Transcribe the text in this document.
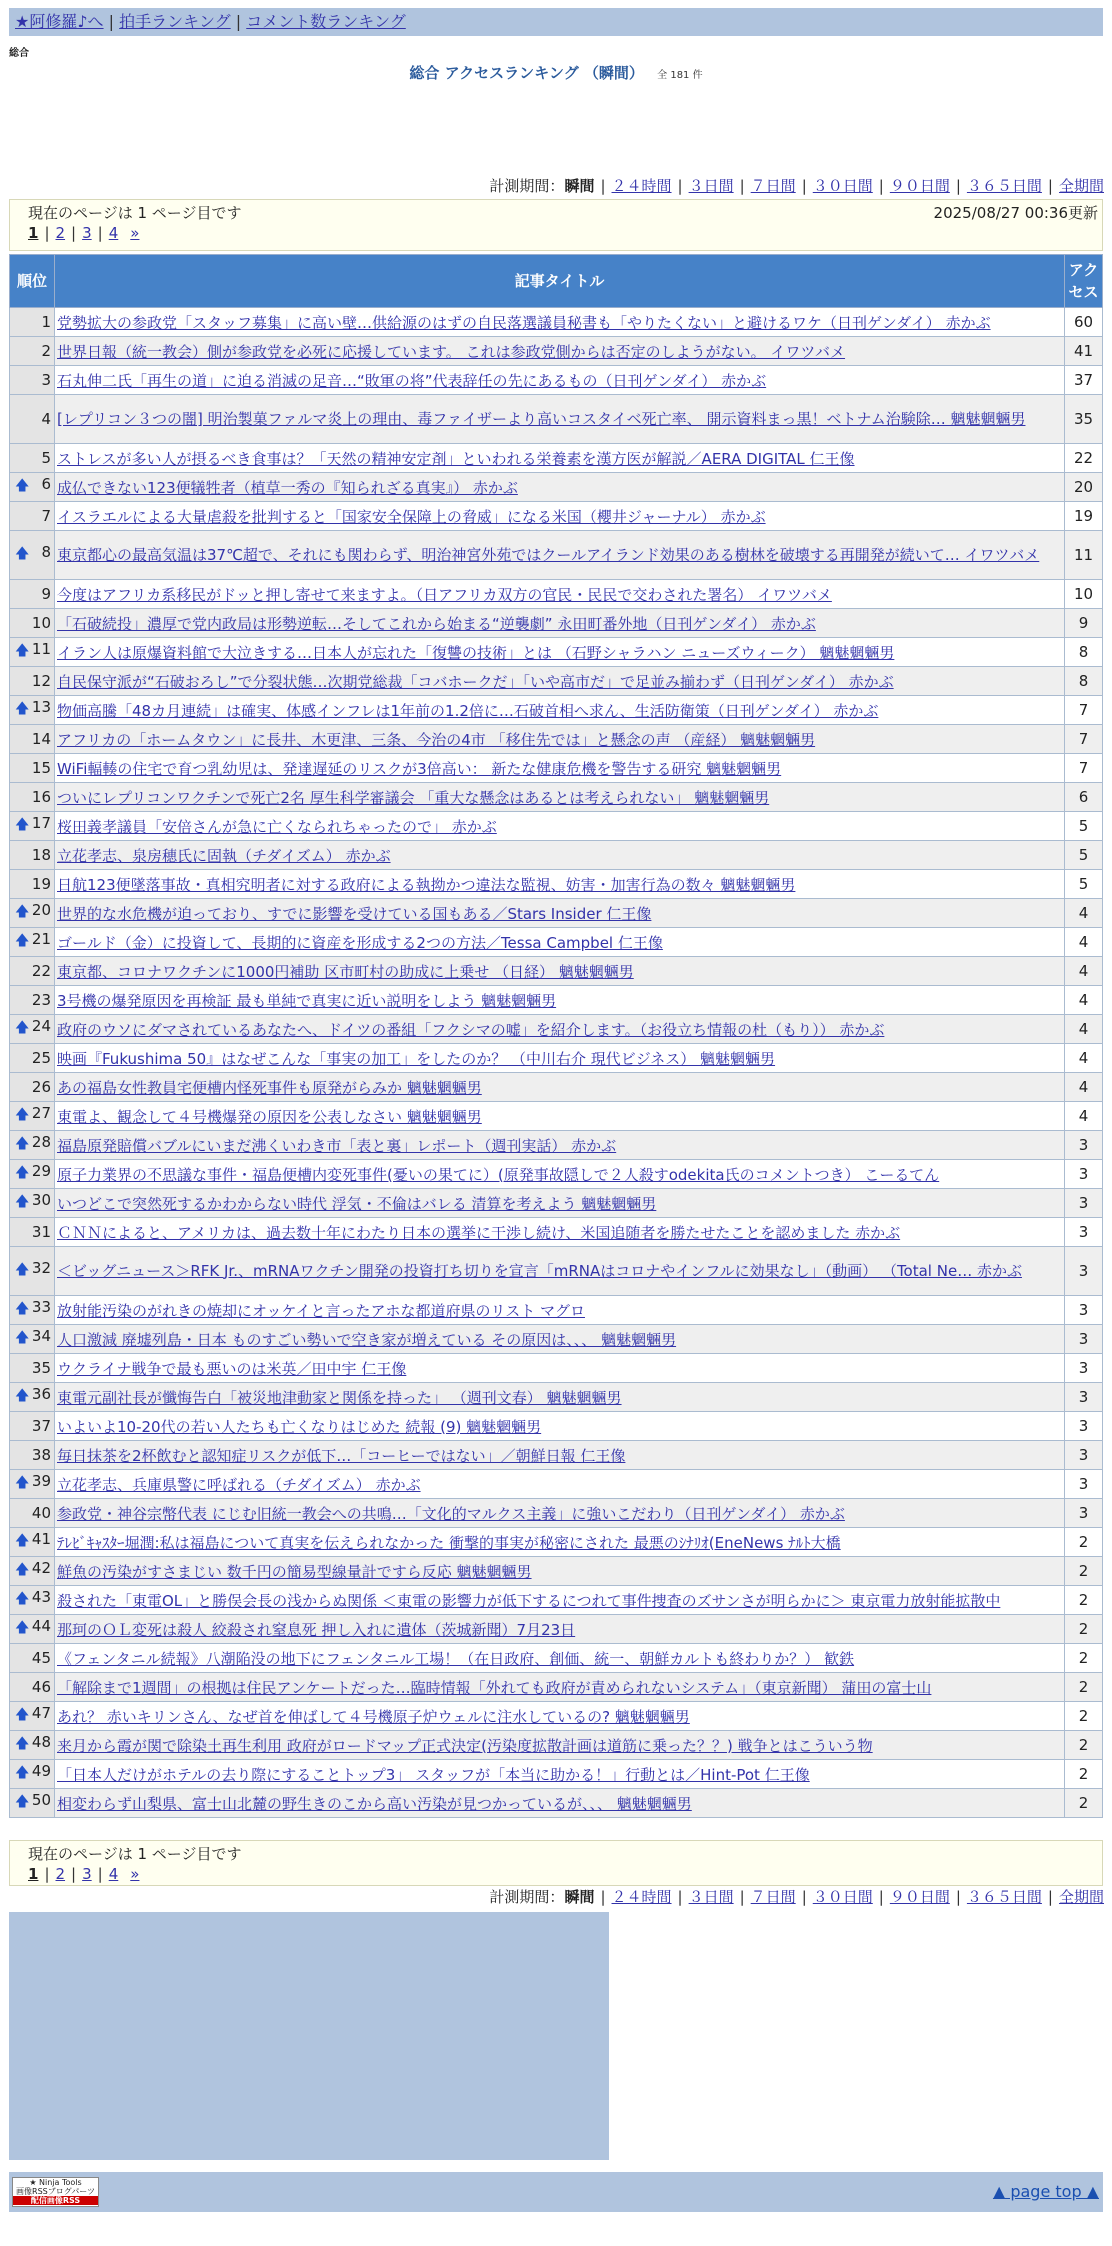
★阿修羅♪へ | 拍手ランキング | コメント数ランキング
総合
総合 アクセスランキング （瞬間） 全 181 件
計測期間：瞬間 | ２４時間 | ３日間 | ７日間 | ３０日間 | ９０日間 | ３６５日間 | 全期間
現在のページは 1 ページ目です	2025/08/27 00:36更新
1 | 2 | 3 | 4 »
順位	記事タイトル	アクセス
1	党勢拡大の参政党「スタッフ募集」に高い壁…供給源のはずの自民落選議員秘書も「やりたくない」と避けるワケ（日刊ゲンダイ） 赤かぶ	60
2	世界日報（統一教会）側が参政党を必死に応援しています。 これは参政党側からは否定のしようがない。 イワツバメ	41
3	石丸伸二氏「再生の道」に迫る消滅の足音…“敗軍の将”代表辞任の先にあるもの（日刊ゲンダイ） 赤かぶ	37
4	[レプリコン３つの闇] 明治製菓ファルマ炎上の理由、毒ファイザーより高いコスタイベ死亡率、 開示資料まっ黒！ベトナム治験除… 魑魅魍魎男	35
5	ストレスが多い人が摂るべき食事は？「天然の精神安定剤」といわれる栄養素を漢方医が解説／AERA DIGITAL 仁王像	22

🡅 6	成仏できない123便犠牲者（植草一秀の『知られざる真実』） 赤かぶ	20
7	イスラエルによる大量虐殺を批判すると「国家安全保障上の脅威」になる米国（櫻井ジャーナル） 赤かぶ	19

🡅 8	東京都心の最高気温は37℃超で、それにも関わらず、明治神宮外苑ではクールアイランド効果のある樹林を破壊する再開発が続いて… イワツバメ	11
9	今度はアフリカ系移民がドッと押し寄せて来ますよ。（日アフリカ双方の官民・民民で交わされた署名） イワツバメ	10
10	「石破続投」濃厚で党内政局は形勢逆転…そしてこれから始まる“逆襲劇” 永田町番外地（日刊ゲンダイ） 赤かぶ	9

🡅 11	イラン人は原爆資料館で大泣きする…日本人が忘れた「復讐の技術」とは （石野シャラハン ニューズウィーク） 魑魅魍魎男	8
12	自民保守派が“石破おろし”で分裂状態…次期党総裁「コバホークだ」「いや高市だ」で足並み揃わず（日刊ゲンダイ） 赤かぶ	8

🡅 13	物価高騰「48カ月連続」は確実、体感インフレは1年前の1.2倍に…石破首相へ求ん、生活防衛策（日刊ゲンダイ） 赤かぶ	7
14	アフリカの「ホームタウン」に長井、木更津、三条、今治の4市 「移住先では」と懸念の声 （産経） 魑魅魍魎男	7
15	WiFi輻輳の住宅で育つ乳幼児は、発達遅延のリスクが3倍高い： 新たな健康危機を警告する研究 魑魅魍魎男	7
16	ついにレプリコンワクチンで死亡2名 厚生科学審議会 「重大な懸念はあるとは考えられない」 魑魅魍魎男	6

🡅 17	桜田義孝議員「安倍さんが急に亡くなられちゃったので」 赤かぶ	5
18	立花孝志、泉房穂氏に固執（チダイズム） 赤かぶ	5
19	日航123便墜落事故・真相究明者に対する政府による執拗かつ違法な監視、妨害・加害行為の数々 魑魅魍魎男	5

🡅 20	世界的な水危機が迫っており、すでに影響を受けている国もある／Stars Insider 仁王像	4

🡅 21	ゴールド（金）に投資して、長期的に資産を形成する2つの方法／Tessa Campbel 仁王像	4
22	東京都、コロナワクチンに1000円補助 区市町村の助成に上乗せ （日経） 魑魅魍魎男	4
23	3号機の爆発原因を再検証 最も単純で真実に近い説明をしよう 魑魅魍魎男	4

🡅 24	政府のウソにダマされているあなたへ、ドイツの番組「フクシマの嘘」を紹介します。（お役立ち情報の杜（もり）） 赤かぶ	4
25	映画『Fukushima 50』はなぜこんな「事実の加工」をしたのか？ （中川右介 現代ビジネス） 魑魅魍魎男	4
26	あの福島女性教員宅便槽内怪死事件も原発がらみか 魑魅魍魎男	4

🡅 27	東電よ、観念して４号機爆発の原因を公表しなさい 魑魅魍魎男	4

🡅 28	福島原発賠償バブルにいまだ沸くいわき市「表と裏」レポート（週刊実話） 赤かぶ	3

🡅 29	原子力業界の不思議な事件・福島便槽内変死事件(憂いの果てに）(原発事故隠しで２人殺すodekita氏のコメントつき） こーるてん	3

🡅 30	いつどこで突然死するかわからない時代 浮気・不倫はバレる 清算を考えよう 魑魅魍魎男	3
31	ＣＮＮによると、アメリカは、過去数十年にわたり日本の選挙に干渉し続け、米国追随者を勝たせたことを認めました 赤かぶ	3

🡅 32	＜ビッグニュース＞RFK Jr.、mRNAワクチン開発の投資打ち切りを宣言「mRNAはコロナやインフルに効果なし」（動画） （Total Ne… 赤かぶ	3

🡅 33	放射能汚染のがれきの焼却にオッケイと言ったアホな都道府県のリスト マグロ	3

🡅 34	人口激減 廃墟列島・日本 ものすごい勢いで空き家が増えている その原因は、、、 魑魅魍魎男	3
35	ウクライナ戦争で最も悪いのは米英／田中宇 仁王像	3

🡅 36	東電元副社長が懺悔告白「被災地津動家と関係を持った」 （週刊文春） 魑魅魍魎男	3
37	いよいよ10-20代の若い人たちも亡くなりはじめた 続報 (9) 魑魅魍魎男	3
38	毎日抹茶を2杯飲むと認知症リスクが低下…「コーヒーではない」／朝鮮日報 仁王像	3

🡅 39	立花孝志、兵庫県警に呼ばれる（チダイズム） 赤かぶ	3
40	参政党・神谷宗幣代表 にじむ旧統一教会への共鳴…「文化的マルクス主義」に強いこだわり（日刊ゲンダイ） 赤かぶ	3

🡅 41	ﾃﾚﾋﾞｷｬｽﾀｰ堀潤:私は福島について真実を伝えられなかった 衝撃的事実が秘密にされた 最悪のｼﾅﾘｵ(EneNews ﾅﾙﾄ大橋	2

🡅 42	鮮魚の汚染がすさまじい 数千円の簡易型線量計ですら反応 魑魅魍魎男	2

🡅 43	殺された「東電OL」と勝俣会長の浅からぬ関係 ＜東電の影響力が低下するにつれて事件捜査のズサンさが明らかに＞ 東京電力放射能拡散中	2

🡅 44	那珂のＯＬ変死は殺人 絞殺され窒息死 押し入れに遺体（茨城新聞）7月23日	2
45	《フェンタニル続報》八潮陥没の地下にフェンタニル工場！（在日政府、創価、統一、朝鮮カルトも終わりか？） 歓鉄	2
46	「解除まで1週間」の根拠は住民アンケートだった…臨時情報「外れても政府が責められないシステム」（東京新聞） 蒲田の富士山	2

🡅 47	あれ？ 赤いキリンさん、なぜ首を伸ばして４号機原子炉ウェルに注水しているの? 魑魅魍魎男	2

🡅 48	来月から霞が関で除染土再生利用 政府がロードマップ正式決定(汚染度拡散計画は道筋に乗った？？) 戦争とはこういう物	2

🡅 49	「日本人だけがホテルの去り際にすることトップ3」 スタッフが「本当に助かる！」行動とは／Hint-Pot 仁王像	2

🡅 50	相変わらず山梨県、富士山北麓の野生きのこから高い汚染が見つかっているが、、、 魑魅魍魎男	2
現在のページは 1 ページ目です
1 | 2 | 3 | 4 »
計測期間：瞬間 | ２４時間 | ３日間 | ７日間 | ３０日間 | ９０日間 | ３６５日間 | 全期間
★ Ninja Tools
画像RSSブログパーツ
配信画像RSS	▲ page top ▲
